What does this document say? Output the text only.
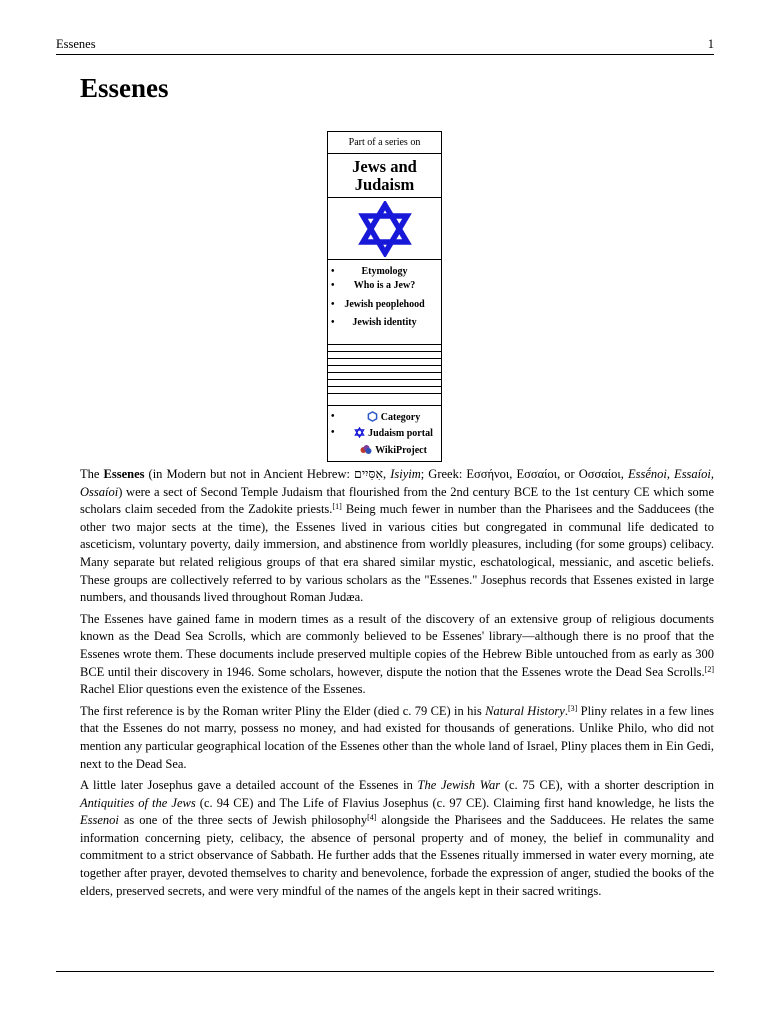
Essenes	1
Essenes
Part of a series on
Jews and
Judaism
•	Etymology
•	Who is a Jew?
• Jewish peoplehood
•	Jewish identity
•	Category
•	Judaism portal
WikiProject

The Essenes (in Modern but not in Ancient Hebrew: אִסִּיִים, Isiyim; Greek: Εσσήνοι, Εσσαίοι, or Οσσαίοι, Essḗnoi, Essaíoi, Ossaíoi) were a sect of Second Temple Judaism that flourished from the 2nd century BCE to the 1st century CE which some scholars claim seceded from the Zadokite priests.[1] Being much fewer in number than the Pharisees and the Sadducees (the other two major sects at the time), the Essenes lived in various cities but congregated in communal life dedicated to asceticism, voluntary poverty, daily immersion, and abstinence from worldly pleasures, including (for some groups) celibacy. Many separate but related religious groups of that era shared similar mystic, eschatological, messianic, and ascetic beliefs. These groups are collectively referred to by various scholars as the "Essenes." Josephus records that Essenes existed in large numbers, and thousands lived throughout Roman Judæa.

The Essenes have gained fame in modern times as a result of the discovery of an extensive group of religious documents known as the Dead Sea Scrolls, which are commonly believed to be Essenes' library—although there is no proof that the Essenes wrote them. These documents include preserved multiple copies of the Hebrew Bible untouched from as early as 300 BCE until their discovery in 1946. Some scholars, however, dispute the notion that the Essenes wrote the Dead Sea Scrolls.[2] Rachel Elior questions even the existence of the Essenes.

The first reference is by the Roman writer Pliny the Elder (died c. 79 CE) in his Natural History.[3] Pliny relates in a few lines that the Essenes do not marry, possess no money, and had existed for thousands of generations. Unlike Philo, who did not mention any particular geographical location of the Essenes other than the whole land of Israel, Pliny places them in Ein Gedi, next to the Dead Sea.

A little later Josephus gave a detailed account of the Essenes in The Jewish War (c. 75 CE), with a shorter description in Antiquities of the Jews (c. 94 CE) and The Life of Flavius Josephus (c. 97 CE). Claiming first hand knowledge, he lists the Essenoi as one of the three sects of Jewish philosophy[4] alongside the Pharisees and the Sadducees. He relates the same information concerning piety, celibacy, the absence of personal property and of money, the belief in communality and commitment to a strict observance of Sabbath. He further adds that the Essenes ritually immersed in water every morning, ate together after prayer, devoted themselves to charity and benevolence, forbade the expression of anger, studied the books of the elders, preserved secrets, and were very mindful of the names of the angels kept in their sacred writings.
